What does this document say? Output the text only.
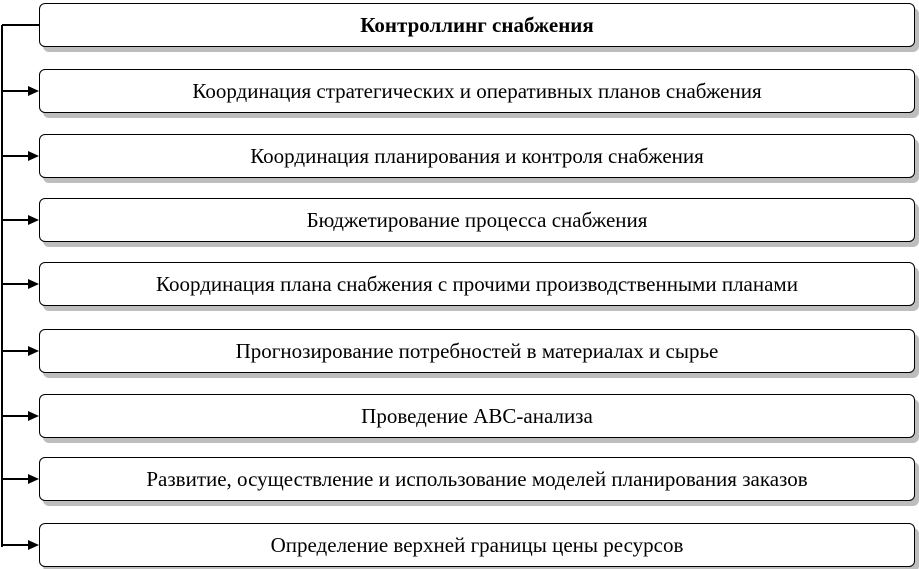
Контроллинг снабжения
Координация стратегических и оперативных планов снабжения
Координация планирования и контроля снабжения
Бюджетирование процесса снабжения
Координация плана снабжения с прочими производственными планами
Прогнозирование потребностей в материалах и сырье
Проведение АВС-анализа
Развитие, осуществление и использование моделей планирования заказов
Определение верхней границы цены ресурсов
